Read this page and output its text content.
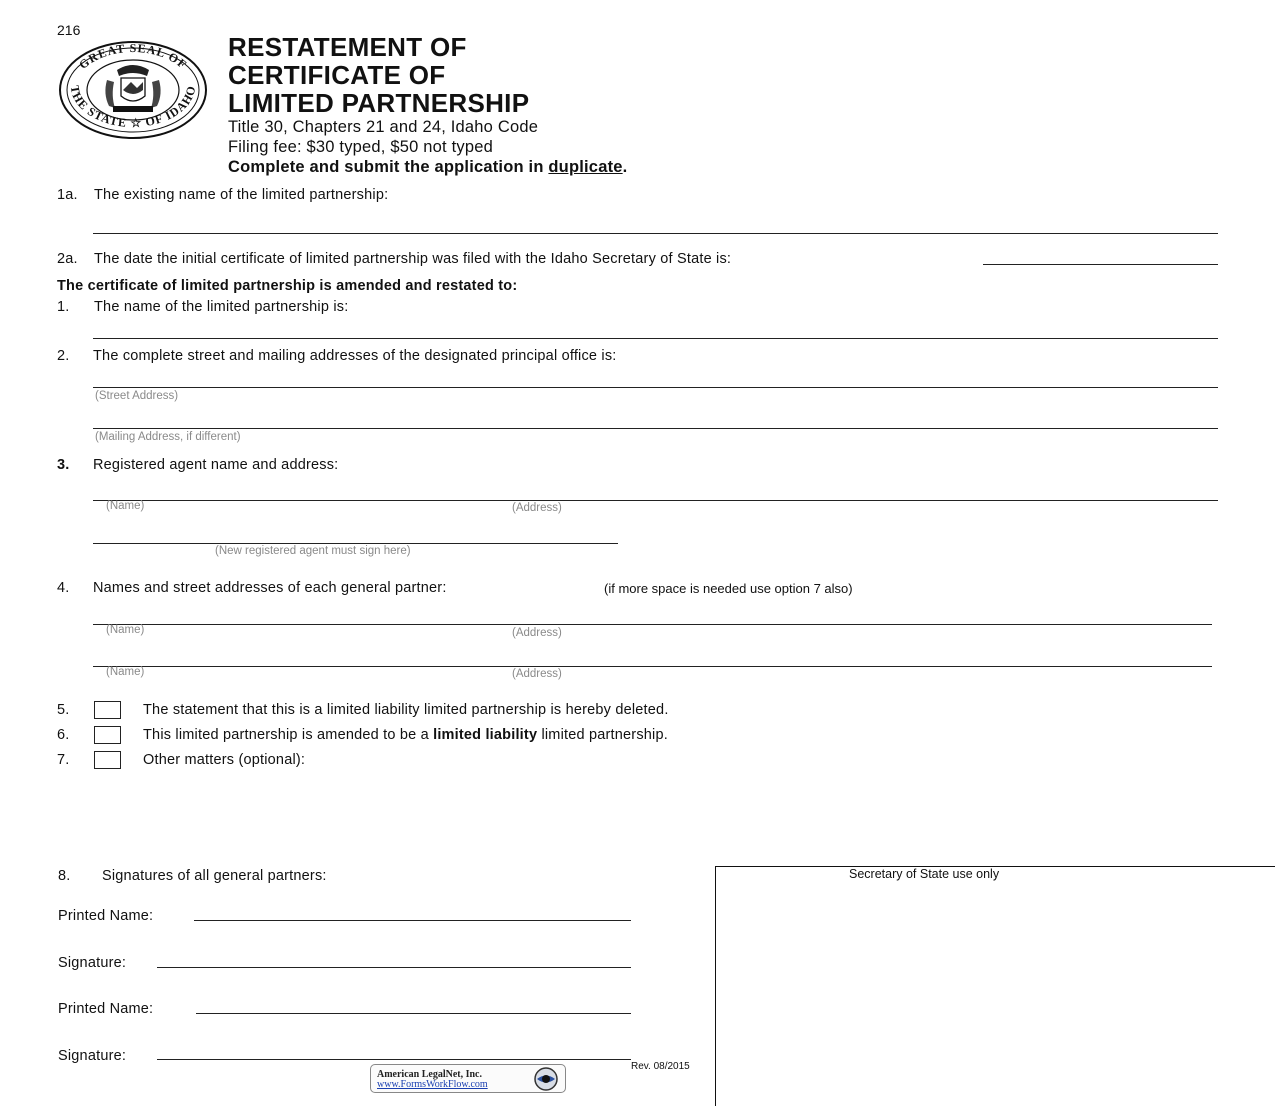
216
GREAT SEAL OF
THE STATE ☆ OF IDAHO
RESTATEMENT OF
CERTIFICATE OF
LIMITED PARTNERSHIP
Title 30, Chapters 21 and 24, Idaho Code
Filing fee: $30 typed, $50 not typed
Complete and submit the application in duplicate.
1a. The existing name of the limited partnership:
2a. The date the initial certificate of limited partnership was filed with the Idaho Secretary of State is:
The certificate of limited partnership is amended and restated to:
1. The name of the limited partnership is:
2. The complete street and mailing addresses of the designated principal office is:
(Street Address)
(Mailing Address, if different)
3. Registered agent name and address:
(Name)	(Address)
(New registered agent must sign here)
4. Names and street addresses of each general partner:	(if more space is needed use option 7 also)
(Name)	(Address)
(Name)	(Address)
5.	The statement that this is a limited liability limited partnership is hereby deleted.
6.	This limited partnership is amended to be a limited liability limited partnership.
7.	Other matters (optional):
8. Signatures of all general partners:
Printed Name:
Signature:
Printed Name:
Signature:
Secretary of State use only
Rev. 08/2015
American LegalNet, Inc.
www.FormsWorkFlow.com
